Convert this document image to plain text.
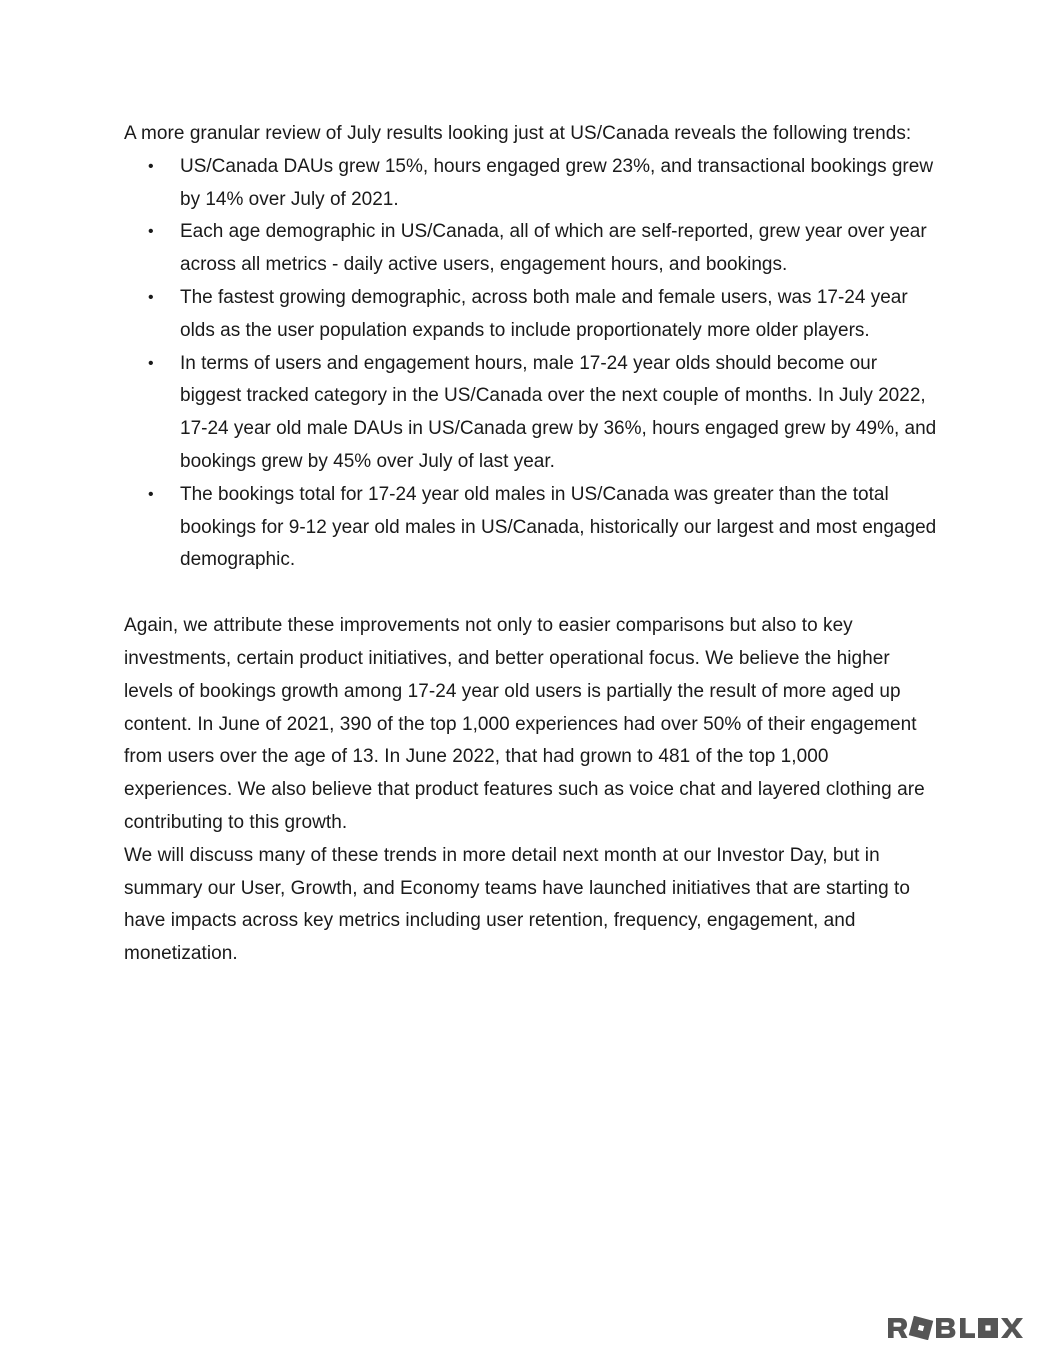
A more granular review of July results looking just at US/Canada reveals the following trends:

• US/Canada DAUs grew 15%, hours engaged grew 23%, and transactional bookings grew by 14% over July of 2021.
• Each age demographic in US/Canada, all of which are self-reported, grew year over year across all metrics - daily active users, engagement hours, and bookings.
• The fastest growing demographic, across both male and female users, was 17-24 year olds as the user population expands to include proportionately more older players.
• In terms of users and engagement hours, male 17-24 year olds should become our biggest tracked category in the US/Canada over the next couple of months. In July 2022, 17-24 year old male DAUs in US/Canada grew by 36%, hours engaged grew by 49%, and bookings grew by 45% over July of last year.
• The bookings total for 17-24 year old males in US/Canada was greater than the total bookings for 9-12 year old males in US/Canada, historically our largest and most engaged demographic.

Again, we attribute these improvements not only to easier comparisons but also to key investments, certain product initiatives, and better operational focus. We believe the higher levels of bookings growth among 17-24 year old users is partially the result of more aged up content. In June of 2021, 390 of the top 1,000 experiences had over 50% of their engagement from users over the age of 13. In June 2022, that had grown to 481 of the top 1,000 experiences. We also believe that product features such as voice chat and layered clothing are contributing to this growth.

We will discuss many of these trends in more detail next month at our Investor Day, but in summary our User, Growth, and Economy teams have launched initiatives that are starting to have impacts across key metrics including user retention, frequency, engagement, and monetization.

ROBLOX
